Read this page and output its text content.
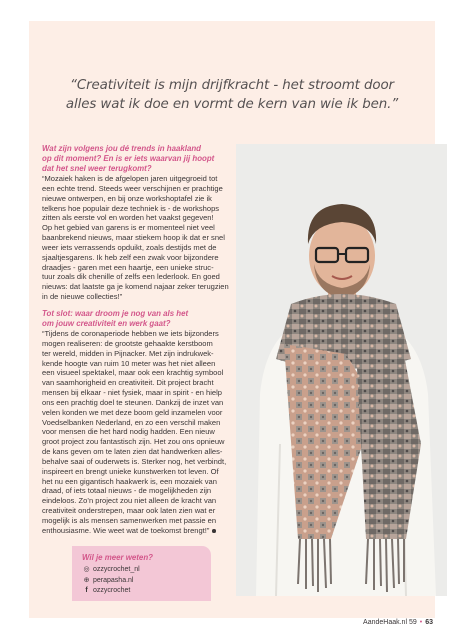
“Creativiteit is mijn drijfkracht - het stroomt door

alles wat ik doe en vormt de kern van wie ik ben.”

Wat zijn volgens jou dé trends in haakland

op dit moment? En is er iets waarvan jij hoopt

dat het snel weer terugkomt?

“Mozaiek haken is de afgelopen jaren uitgegroeid tot

een echte trend. Steeds weer verschijnen er prachtige

nieuwe ontwerpen, en bij onze workshoptafel zie ik

telkens hoe populair deze techniek is - de workshops

zitten als eerste vol en worden het vaakst gegeven!

Op het gebied van garens is er momenteel niet veel

baanbrekend nieuws, maar stiekem hoop ik dat er snel

weer iets verrassends opduikt, zoals destijds met de

sjaaltjesgarens. Ik heb zelf een zwak voor bijzondere

draadjes - garen met een haartje, een unieke struc-

tuur zoals dik chenille of zelfs een lederlook. En goed

nieuws: dat laatste ga je komend najaar zeker terugzien

in de nieuwe collecties!”

Tot slot: waar droom je nog van als het

om jouw creativiteit en werk gaat?

“Tijdens de coronaperiode hebben we iets bijzonders

mogen realiseren: de grootste gehaakte kerstboom

ter wereld, midden in Pijnacker. Met zijn indrukwek-

kende hoogte van ruim 10 meter was het niet alleen

een visueel spektakel, maar ook een krachtig symbool

van saamhorigheid en creativiteit. Dit project bracht

mensen bij elkaar - niet fysiek, maar in spirit - en hielp

ons een prachtig doel te steunen. Dankzij de inzet van

velen konden we met deze boom geld inzamelen voor

Voedselbanken Nederland, en zo een verschil maken

voor mensen die het hard nodig hadden. Een nieuw

groot project zou fantastisch zijn. Het zou ons opnieuw

de kans geven om te laten zien dat handwerken alles-

behalve saai of ouderwets is. Sterker nog, het verbindt,

inspireert en brengt unieke kunstwerken tot leven. Of

het nu een gigantisch haakwerk is, een mozaiek van

draad, of iets totaal nieuws - de mogelijkheden zijn

eindeloos. Zo’n project zou niet alleen de kracht van

creativiteit onderstrepen, maar ook laten zien wat er

mogelijk is als mensen samenwerken met passie en

enthousiasme. Wie weet wat de toekomst brengt!”

Wil je meer weten?
◎ ozzycrochet_nl
⊕ perapasha.nl
f ozzycrochet
AandeHaak.nl 59 • 63
